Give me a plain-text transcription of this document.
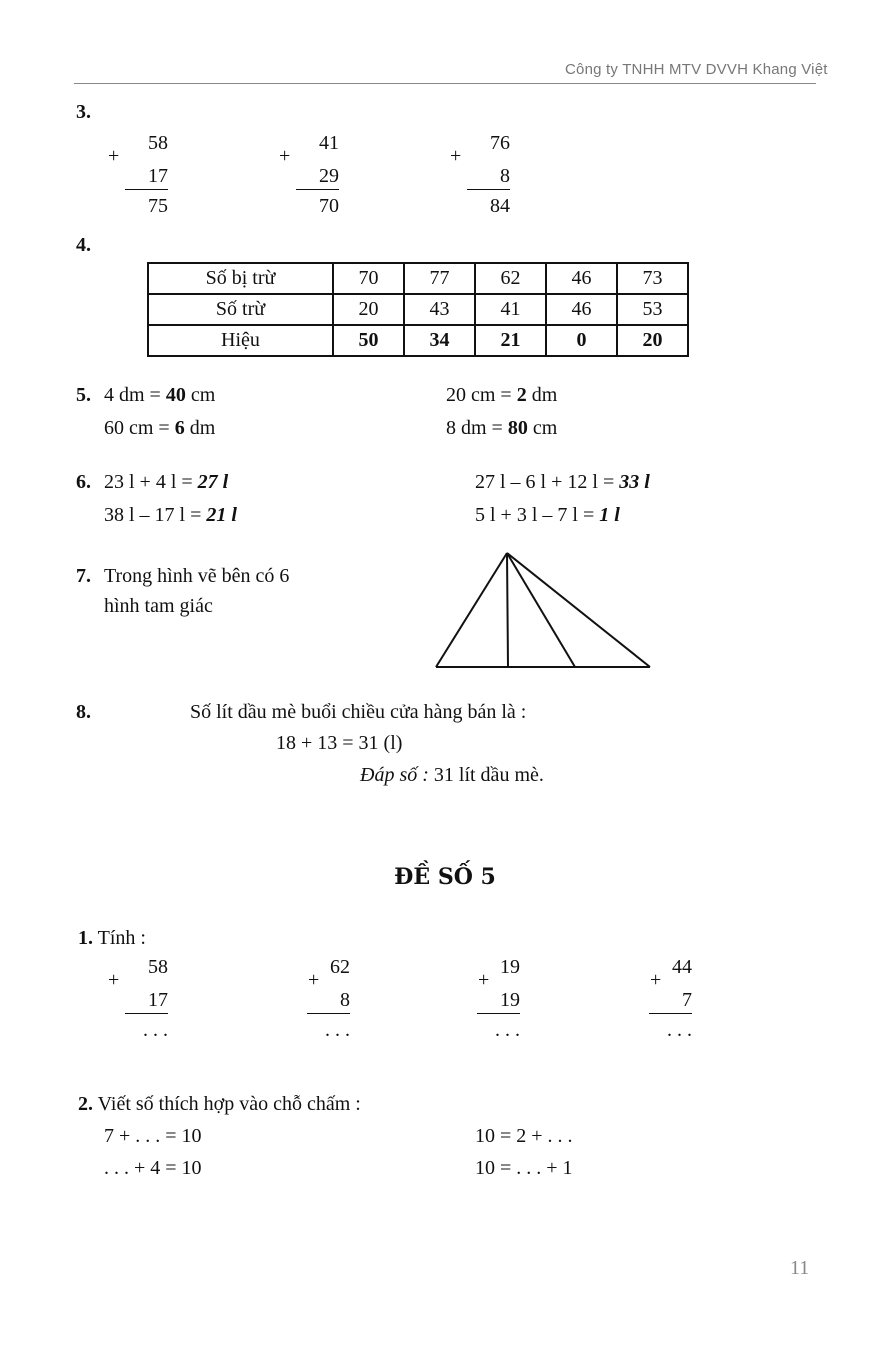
Công ty TNHH MTV DVVH Khang Việt
3.
58
+
17
75
41
+
29
70
76
+
8
84
4.
Số bị trừ	70	77	62	46	73
Số trừ	20	43	41	46	53
Hiệu	50	34	21	0	20
5. 4 dm = 40 cm	20 cm = 2 dm
60 cm = 6 dm	8 dm = 80 cm
6. 23 l + 4 l = 27 l	27 l – 6 l + 12 l = 33 l
38 l – 17 l = 21 l	5 l + 3 l – 7 l = 1 l
7. Trong hình vẽ bên có 6
hình tam giác
8.	Số lít dầu mè buổi chiều cửa hàng bán là :
18 + 13 = 31 (l)
Đáp số : 31 lít dầu mè.
ĐỀ SỐ 5
1. Tính :
58
+
17
. . .
62
+
8
. . .
19
+
19
. . .
44
+
7
. . .
2. Viết số thích hợp vào chỗ chấm :
7 + . . . = 10	10 = 2 + . . .
. . . + 4 = 10	10 = . . . + 1
11
